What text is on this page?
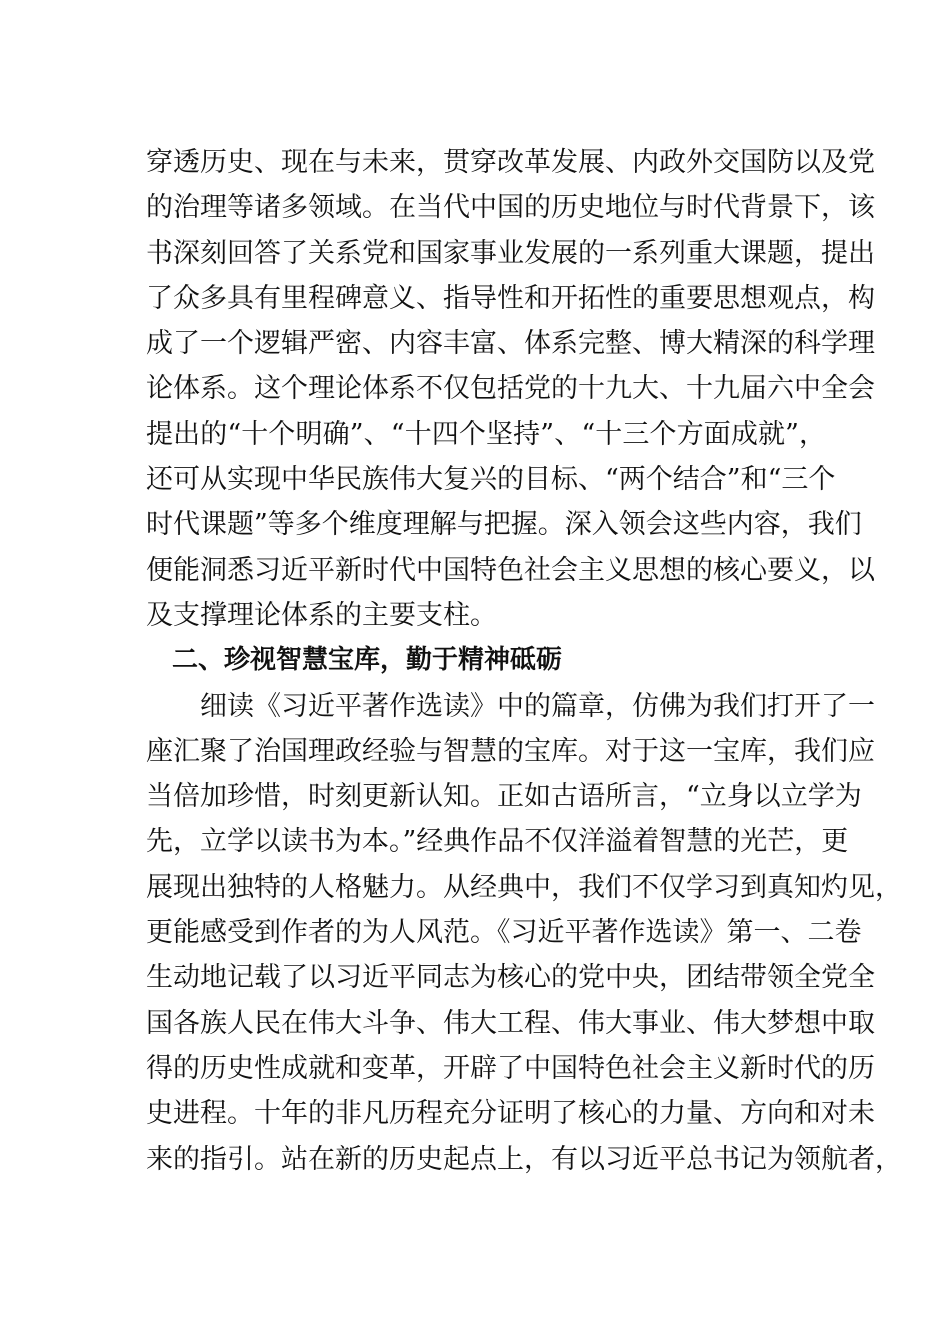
穿透历史、现在与未来，贯穿改革发展、内政外交国防以及党
的治理等诸多领域。在当代中国的历史地位与时代背景下，该
书深刻回答了关系党和国家事业发展的一系列重大课题，提出
了众多具有里程碑意义、指导性和开拓性的重要思想观点，构
成了一个逻辑严密、内容丰富、体系完整、博大精深的科学理
论体系。这个理论体系不仅包括党的十九大、十九届六中全会
提出的“十个明确”、“十四个坚持”、“十三个方面成就”，
还可从实现中华民族伟大复兴的目标、“两个结合”和“三个
时代课题”等多个维度理解与把握。深入领会这些内容，我们
便能洞悉习近平新时代中国特色社会主义思想的核心要义，以
及支撑理论体系的主要支柱。
二、珍视智慧宝库，勤于精神砥砺
细读《习近平著作选读》中的篇章，仿佛为我们打开了一
座汇聚了治国理政经验与智慧的宝库。对于这一宝库，我们应
当倍加珍惜，时刻更新认知。正如古语所言，“立身以立学为
先，立学以读书为本。”经典作品不仅洋溢着智慧的光芒，更
展现出独特的人格魅力。从经典中，我们不仅学习到真知灼见，
更能感受到作者的为人风范。《习近平著作选读》第一、二卷
生动地记载了以习近平同志为核心的党中央，团结带领全党全
国各族人民在伟大斗争、伟大工程、伟大事业、伟大梦想中取
得的历史性成就和变革，开辟了中国特色社会主义新时代的历
史进程。十年的非凡历程充分证明了核心的力量、方向和对未
来的指引。站在新的历史起点上，有以习近平总书记为领航者，
